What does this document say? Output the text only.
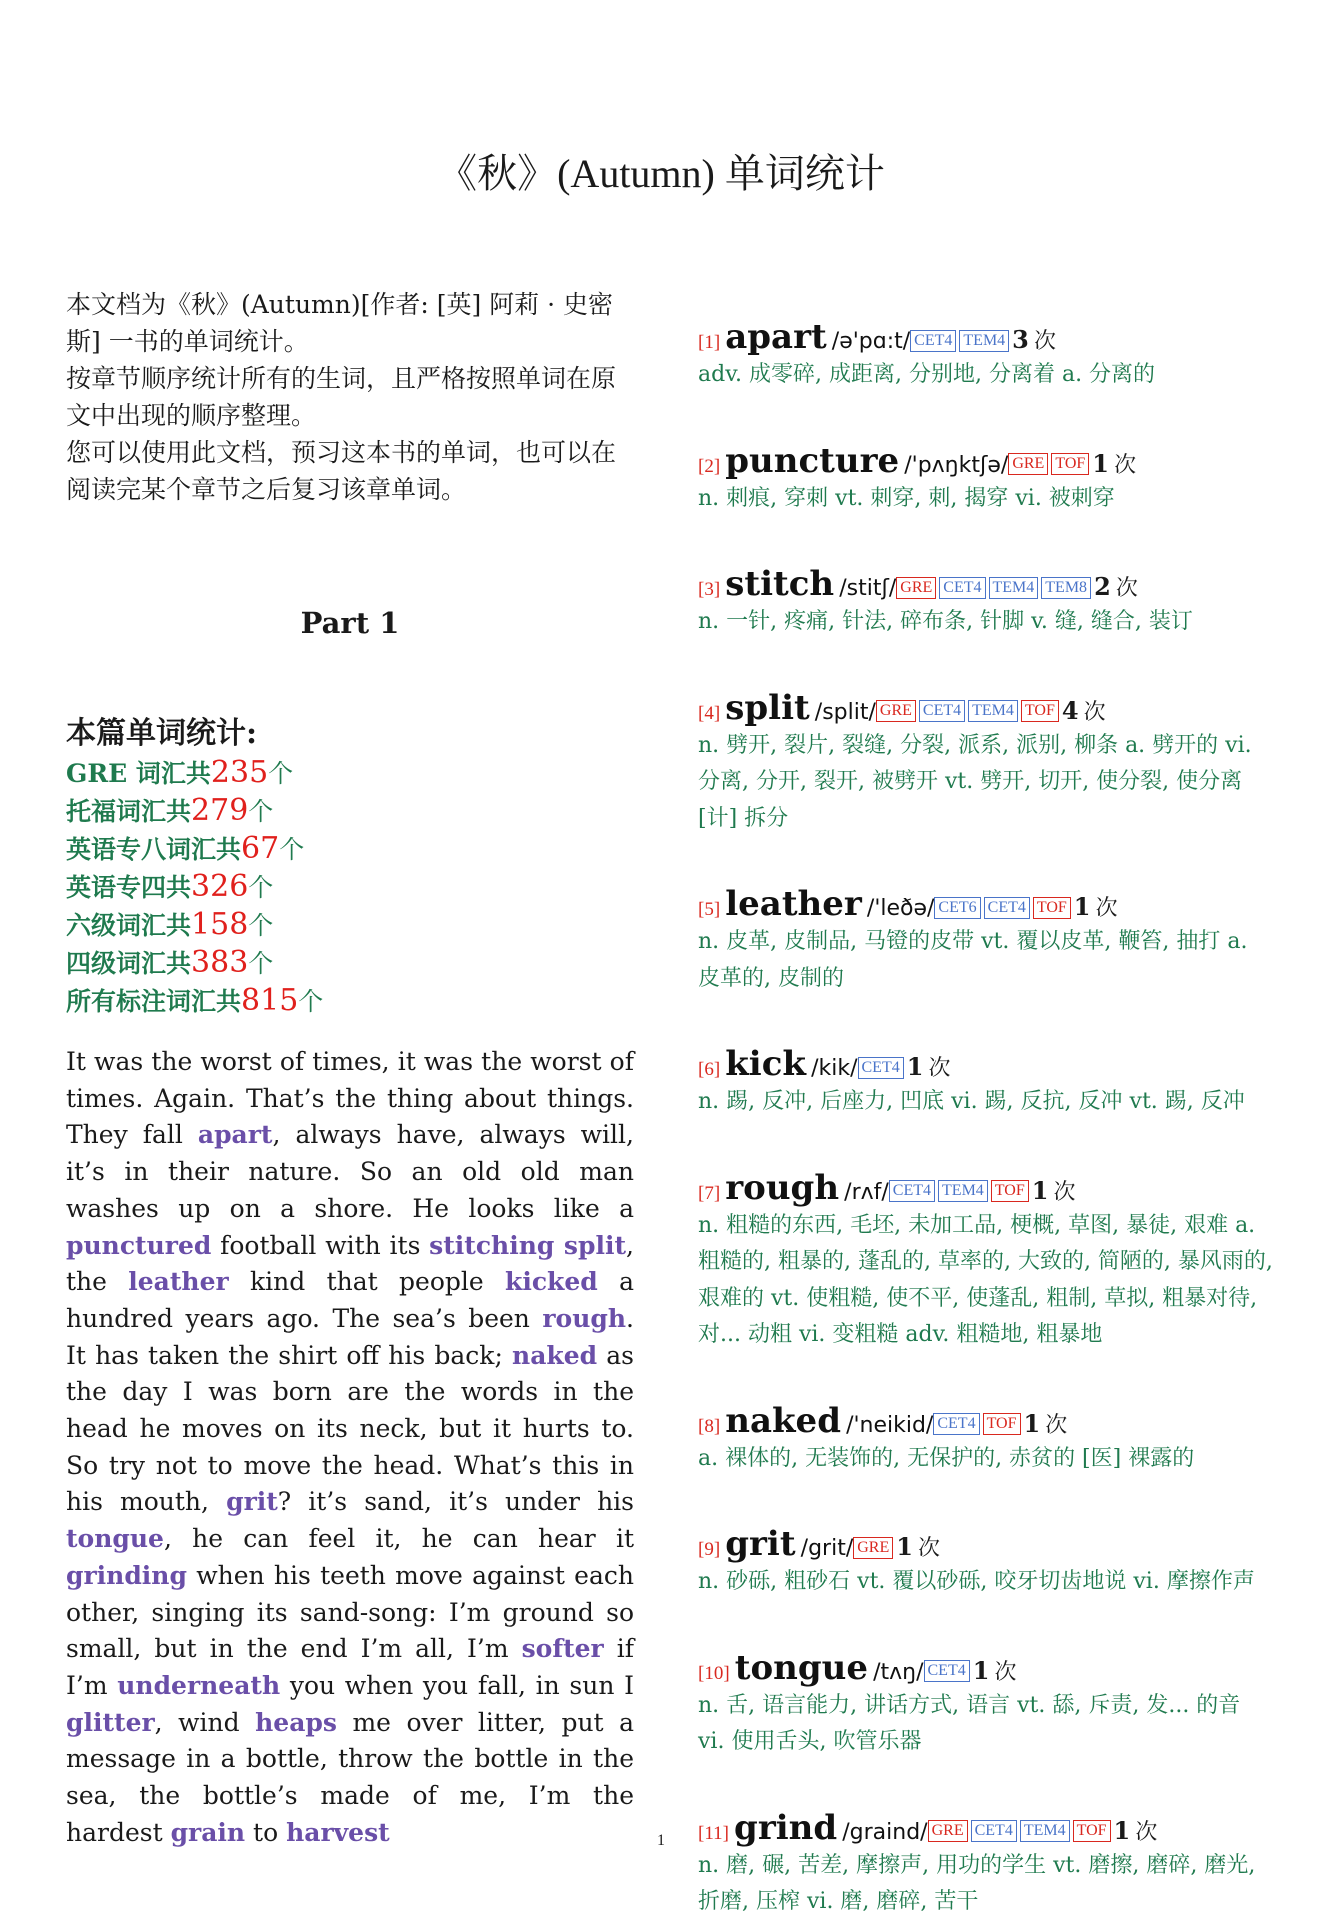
《秋》(Autumn) 单词统计

本文档为《秋》(Autumn)[作者: [英] 阿莉 · 史密斯] 一书的单词统计。

按章节顺序统计所有的生词，且严格按照单词在原文中出现的顺序整理。

您可以使用此文档，预习这本书的单词，也可以在阅读完某个章节之后复习该章单词。

Part 1
本篇单词统计:
GRE 词汇共235个
托福词汇共279个
英语专八词汇共67个
英语专四共326个
六级词汇共158个
四级词汇共383个
所有标注词汇共815个
It was the worst of times, it was the worst of times. Again. That’s the thing about things. They fall apart, always have, always will, it’s in their nature. So an old old man washes up on a shore. He looks like a punctured football with its stitching split, the leather kind that people kicked a hundred years ago. The sea’s been rough. It has taken the shirt off his back; naked as the day I was born are the words in the head he moves on its neck, but it hurts to. So try not to move the head. What’s this in his mouth, grit? it’s sand, it’s under his tongue, he can feel it, he can hear it grinding when his teeth move against each other, singing its sand-song: I’m ground so small, but in the end I’m all, I’m softer if I’m underneath you when you fall, in sun I glitter, wind heaps me over litter, put a message in a bottle, throw the bottle in the sea, the bottle’s made of me, I’m the hardest grain to harvest
[1] apart /ə'pɑ:t/ CET4 TEM4 3 次
adv. 成零碎, 成距离, 分别地, 分离着 a. 分离的
[2] puncture /'pʌŋktʃə/ GRE TOF 1 次
n. 刺痕, 穿刺 vt. 刺穿, 刺, 揭穿 vi. 被刺穿
[3] stitch /stitʃ/ GRE CET4 TEM4 TEM8 2 次
n. 一针, 疼痛, 针法, 碎布条, 针脚 v. 缝, 缝合, 装订
[4] split /split/ GRE CET4 TEM4 TOF 4 次
n. 劈开, 裂片, 裂缝, 分裂, 派系, 派别, 柳条 a. 劈开的 vi. 分离, 分开, 裂开, 被劈开 vt. 劈开, 切开, 使分裂, 使分离 [计] 拆分
[5] leather /'leðə/ CET6 CET4 TOF 1 次
n. 皮革, 皮制品, 马镫的皮带 vt. 覆以皮革, 鞭笞, 抽打 a. 皮革的, 皮制的
[6] kick /kik/ CET4 1 次
n. 踢, 反冲, 后座力, 凹底 vi. 踢, 反抗, 反冲 vt. 踢, 反冲
[7] rough /rʌf/ CET4 TEM4 TOF 1 次
n. 粗糙的东西, 毛坯, 未加工品, 梗概, 草图, 暴徒, 艰难 a. 粗糙的, 粗暴的, 蓬乱的, 草率的, 大致的, 简陋的, 暴风雨的, 艰难的 vt. 使粗糙, 使不平, 使蓬乱, 粗制, 草拟, 粗暴对待, 对... 动粗 vi. 变粗糙 adv. 粗糙地, 粗暴地
[8] naked /'neikid/ CET4 TOF 1 次
a. 裸体的, 无装饰的, 无保护的, 赤贫的 [医] 裸露的
[9] grit /grit/ GRE 1 次
n. 砂砾, 粗砂石 vt. 覆以砂砾, 咬牙切齿地说 vi. 摩擦作声
[10] tongue /tʌŋ/ CET4 1 次
n. 舌, 语言能力, 讲话方式, 语言 vt. 舔, 斥责, 发... 的音 vi. 使用舌头, 吹管乐器
[11] grind /graind/ GRE CET4 TEM4 TOF 1 次
n. 磨, 碾, 苦差, 摩擦声, 用功的学生 vt. 磨擦, 磨碎, 磨光, 折磨, 压榨 vi. 磨, 磨碎, 苦干
1
